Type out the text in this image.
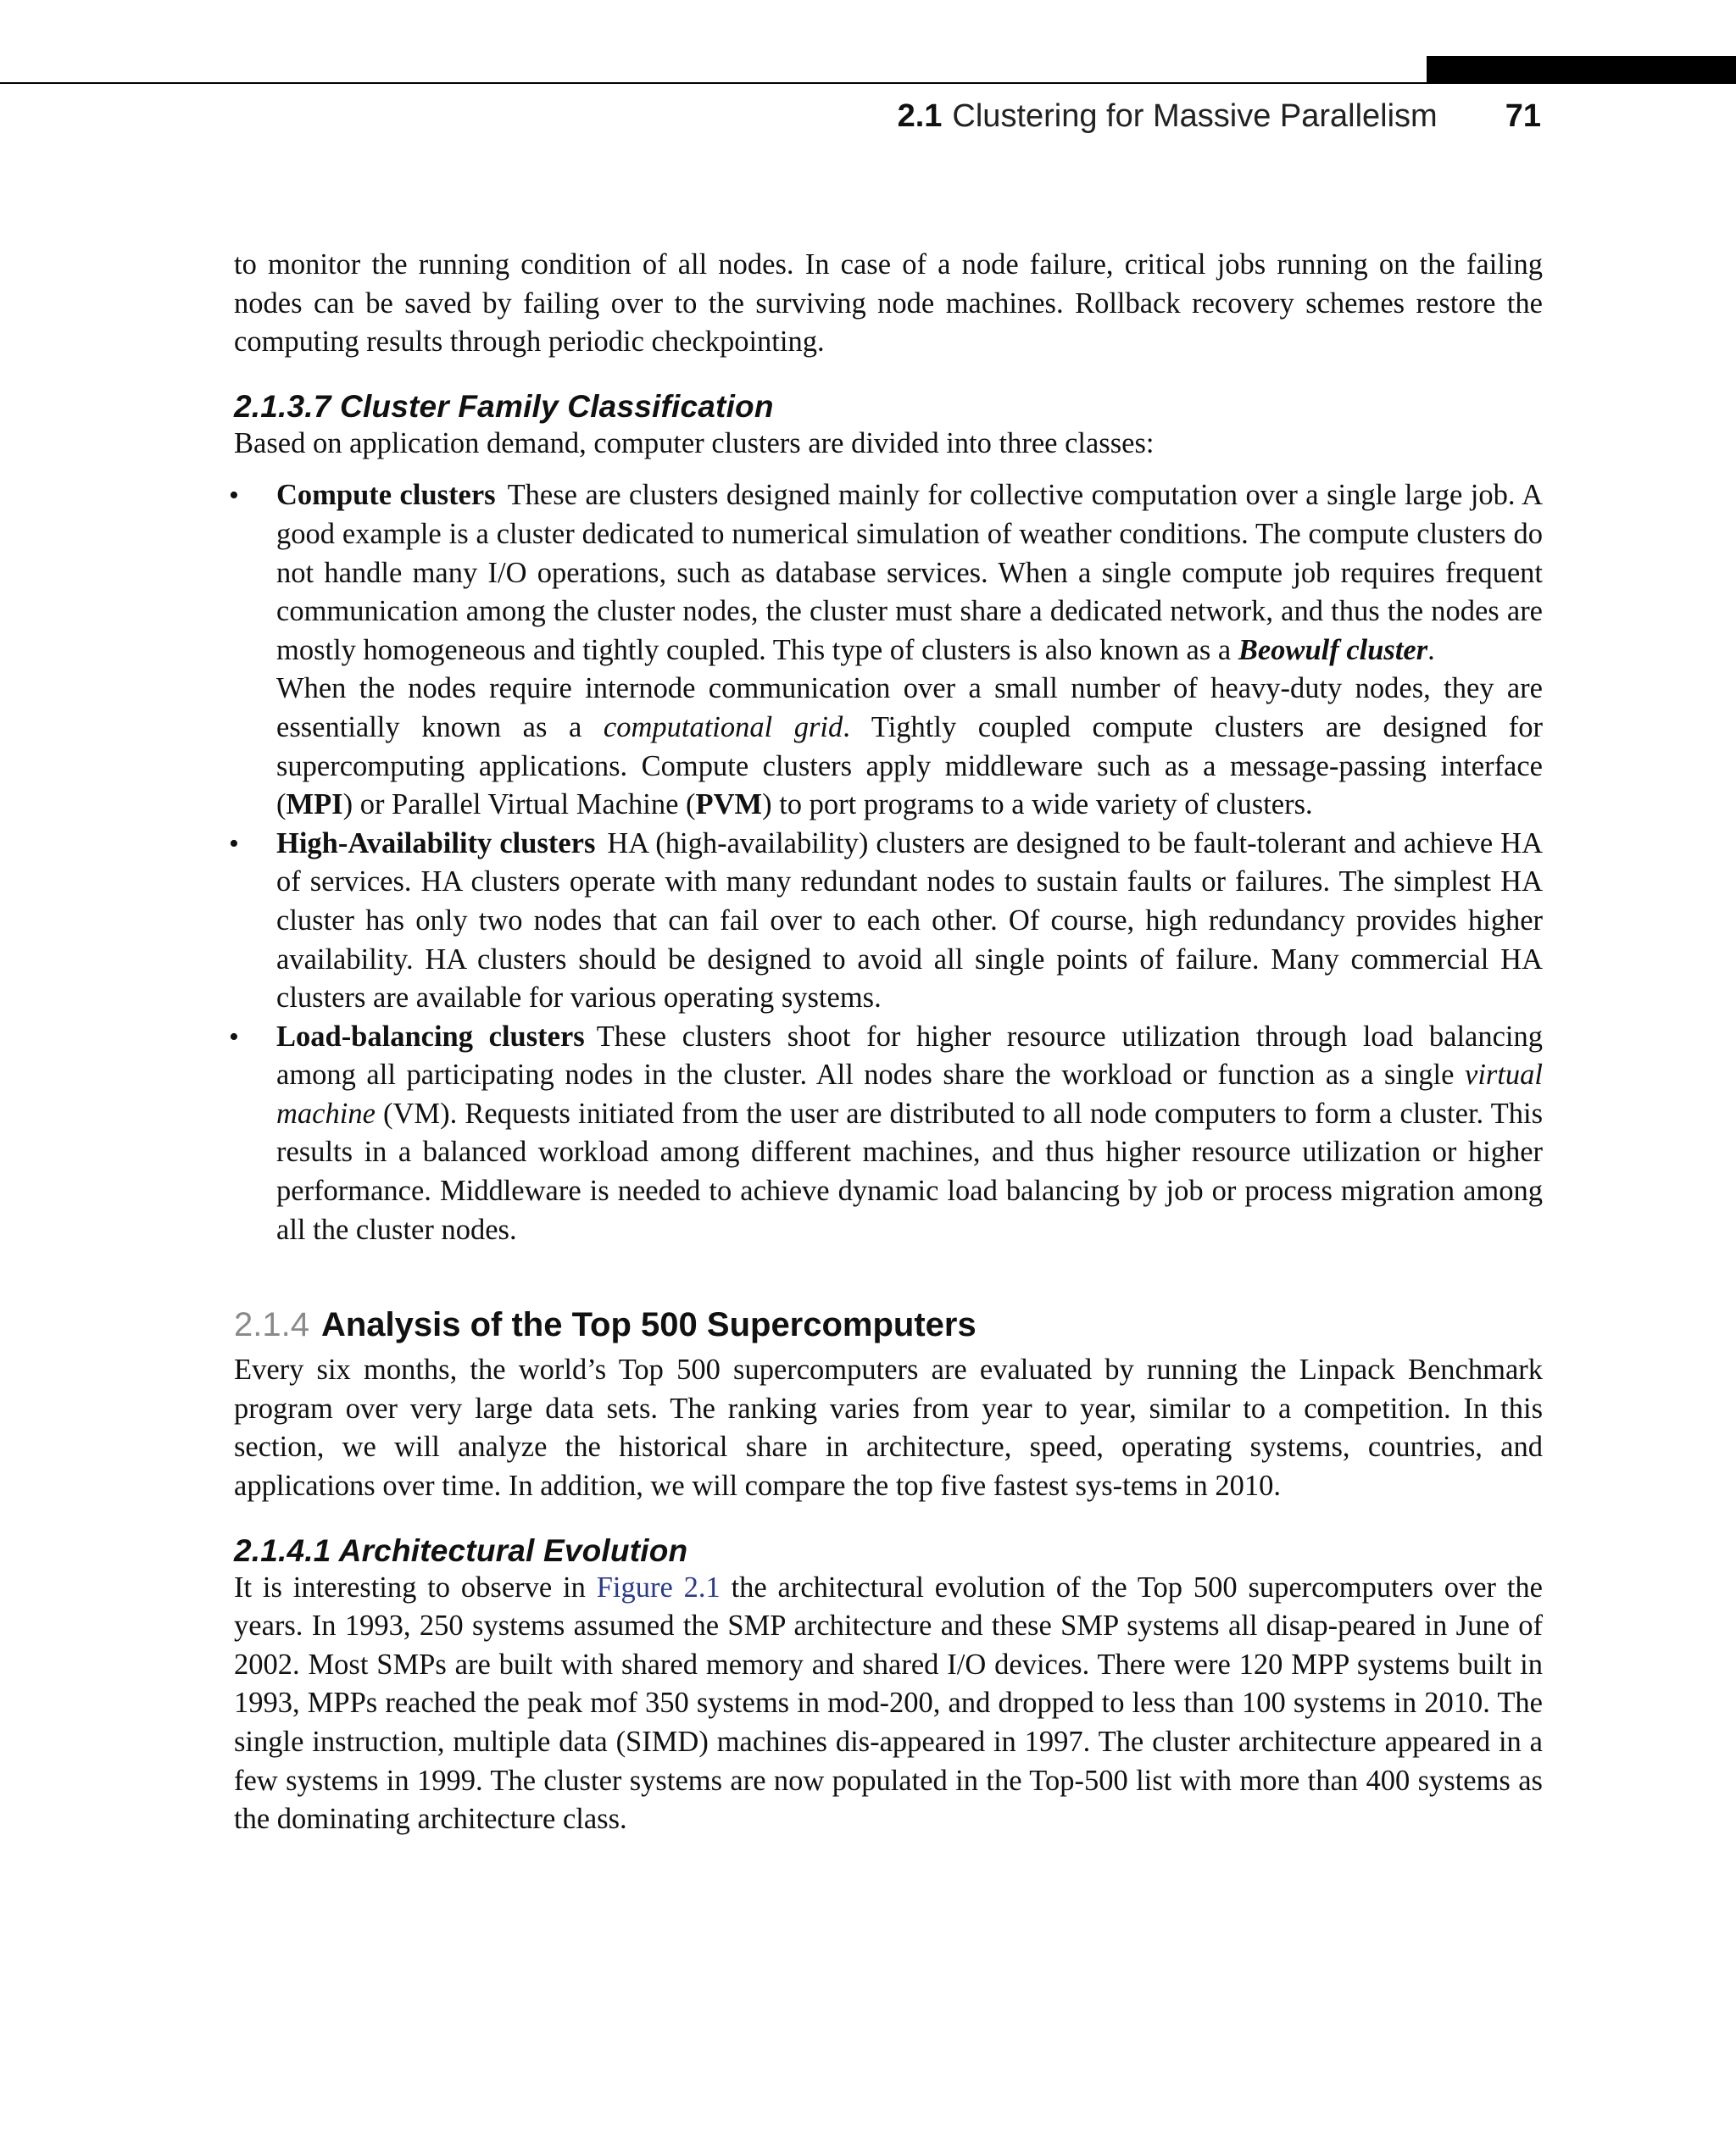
2.1 Clustering for Massive Parallelism 71

to monitor the running condition of all nodes. In case of a node failure, critical jobs running on the failing nodes can be saved by failing over to the surviving node machines. Rollback recovery schemes restore the computing results through periodic checkpointing.

2.1.3.7 Cluster Family Classification

Based on application demand, computer clusters are divided into three classes:

• Compute clusters These are clusters designed mainly for collective computation over a single large job. A good example is a cluster dedicated to numerical simulation of weather conditions. The compute clusters do not handle many I/O operations, such as database services. When a single compute job requires frequent communication among the cluster nodes, the cluster must share a dedicated network, and thus the nodes are mostly homogeneous and tightly coupled. This type of clusters is also known as a Beowulf cluster.

When the nodes require internode communication over a small number of heavy-duty nodes, they are essentially known as a computational grid. Tightly coupled compute clusters are designed for supercomputing applications. Compute clusters apply middleware such as a message-passing interface (MPI) or Parallel Virtual Machine (PVM) to port programs to a wide variety of clusters.

• High-Availability clusters HA (high-availability) clusters are designed to be fault-tolerant and achieve HA of services. HA clusters operate with many redundant nodes to sustain faults or failures. The simplest HA cluster has only two nodes that can fail over to each other. Of course, high redundancy provides higher availability. HA clusters should be designed to avoid all single points of failure. Many commercial HA clusters are available for various operating systems.

• Load-balancing clusters These clusters shoot for higher resource utilization through load balancing among all participating nodes in the cluster. All nodes share the workload or function as a single virtual machine (VM). Requests initiated from the user are distributed to all node computers to form a cluster. This results in a balanced workload among different machines, and thus higher resource utilization or higher performance. Middleware is needed to achieve dynamic load balancing by job or process migration among all the cluster nodes.

2.1.4 Analysis of the Top 500 Supercomputers

Every six months, the world’s Top 500 supercomputers are evaluated by running the Linpack Benchmark program over very large data sets. The ranking varies from year to year, similar to a competition. In this section, we will analyze the historical share in architecture, speed, operating systems, countries, and applications over time. In addition, we will compare the top five fastest sys-tems in 2010.

2.1.4.1 Architectural Evolution

It is interesting to observe in Figure 2.1 the architectural evolution of the Top 500 supercomputers over the years. In 1993, 250 systems assumed the SMP architecture and these SMP systems all disap-peared in June of 2002. Most SMPs are built with shared memory and shared I/O devices. There were 120 MPP systems built in 1993, MPPs reached the peak mof 350 systems in mod-200, and dropped to less than 100 systems in 2010. The single instruction, multiple data (SIMD) machines dis-appeared in 1997. The cluster architecture appeared in a few systems in 1999. The cluster systems are now populated in the Top-500 list with more than 400 systems as the dominating architecture class.
